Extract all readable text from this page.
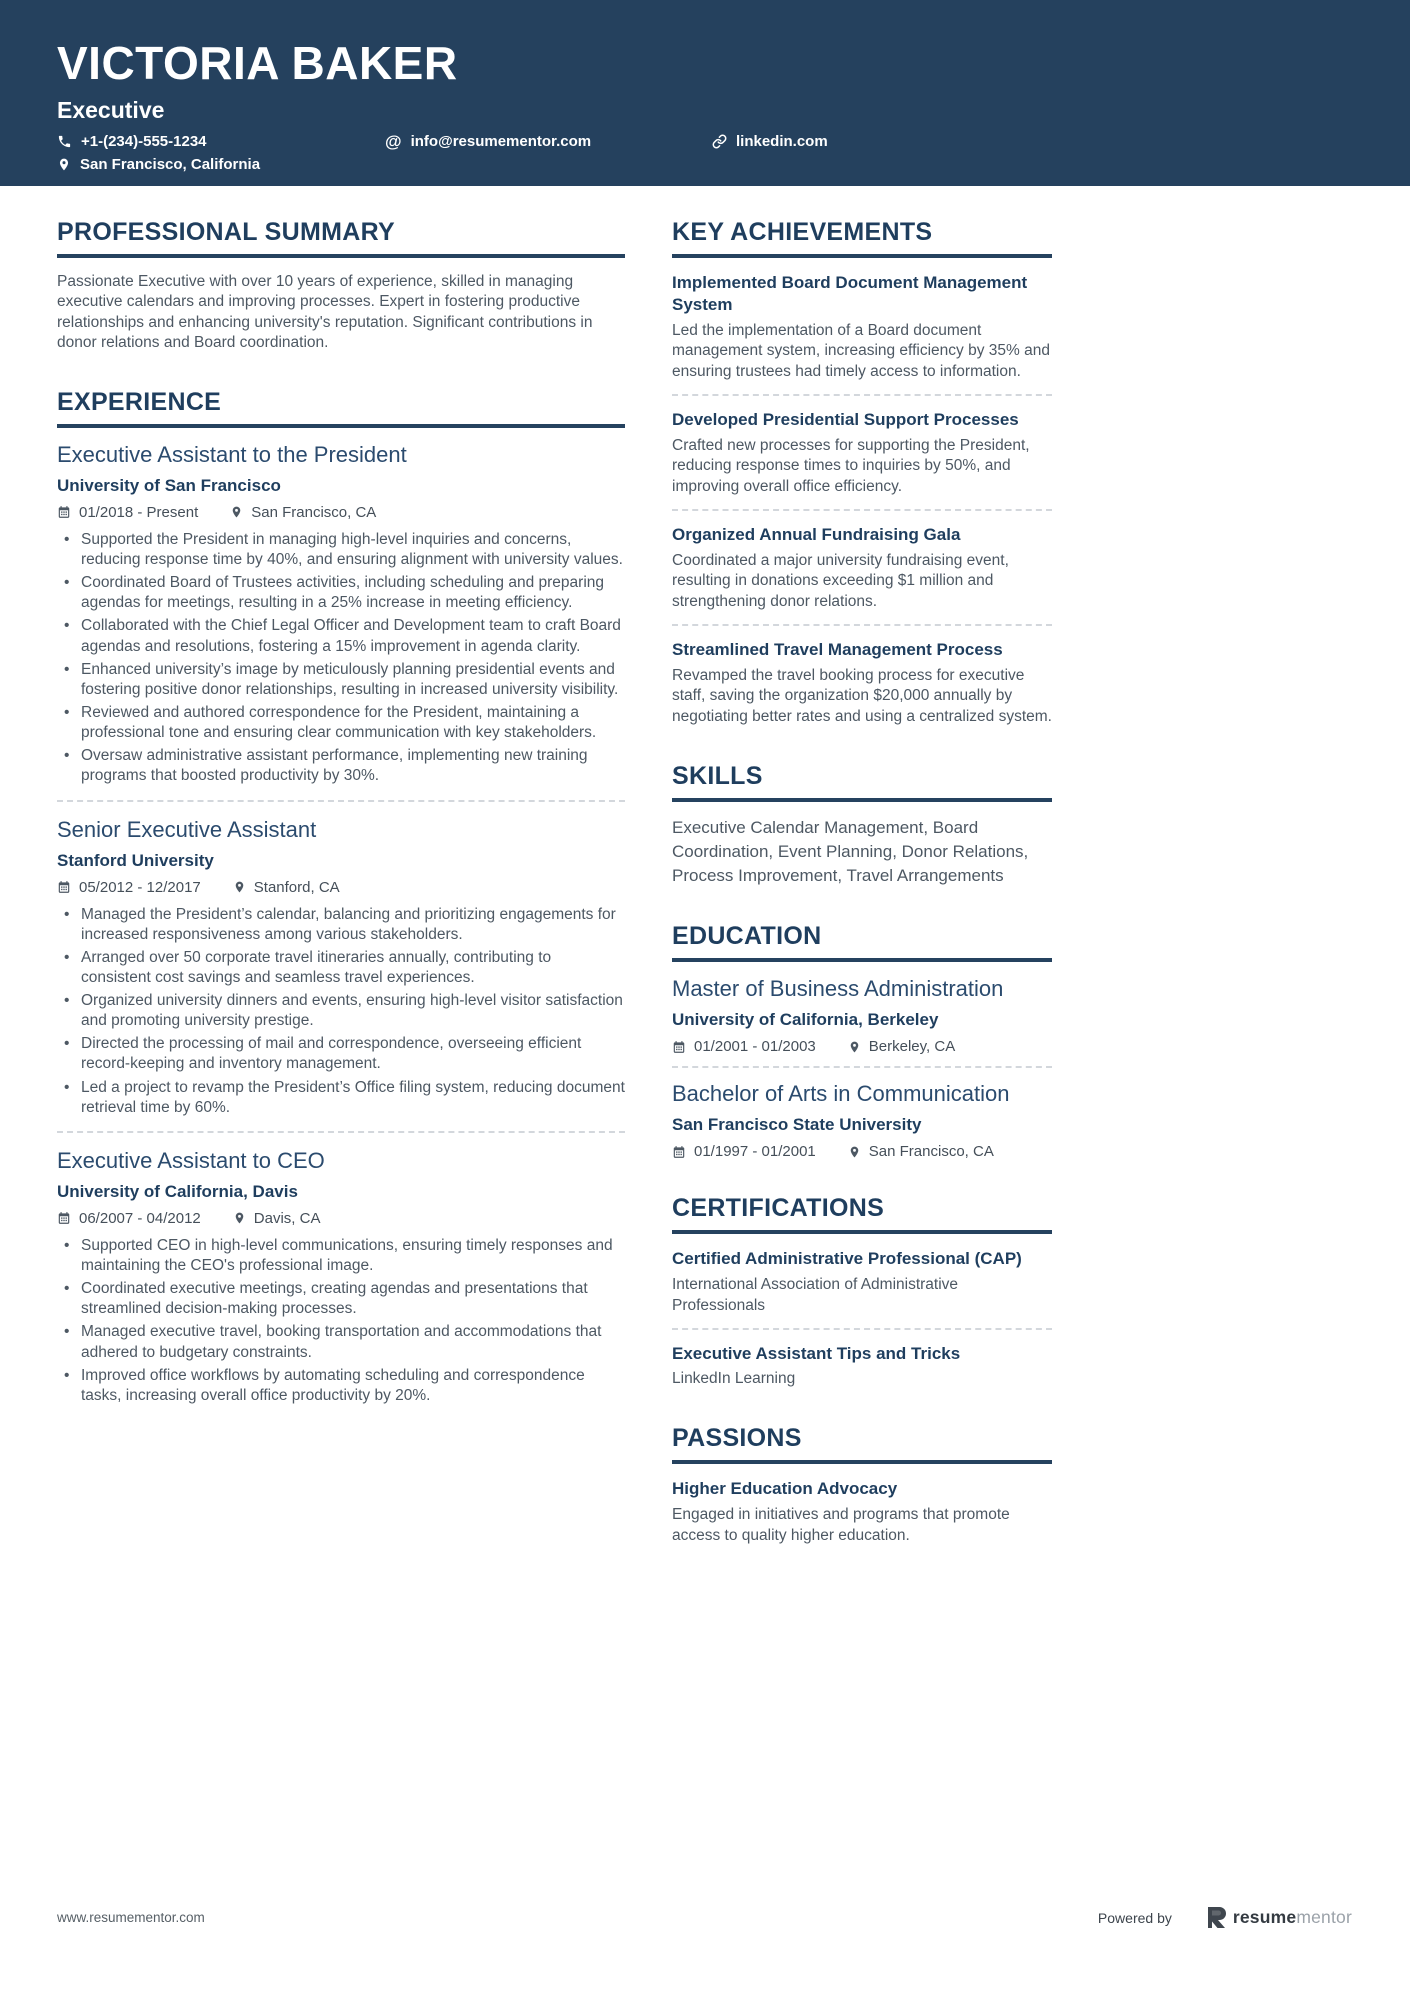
VICTORIA BAKER
Executive
+1-(234)-555-1234	@ info@resumementor.com	linkedin.com
San Francisco, California
PROFESSIONAL SUMMARY
Passionate Executive with over 10 years of experience, skilled in managing executive calendars and improving processes. Expert in fostering productive relationships and enhancing university's reputation. Significant contributions in donor relations and Board coordination.
EXPERIENCE
Executive Assistant to the President
University of San Francisco
01/2018 - Present	San Francisco, CA
• Supported the President in managing high-level inquiries and concerns, reducing response time by 40%, and ensuring alignment with university values.
• Coordinated Board of Trustees activities, including scheduling and preparing agendas for meetings, resulting in a 25% increase in meeting efficiency.
• Collaborated with the Chief Legal Officer and Development team to craft Board agendas and resolutions, fostering a 15% improvement in agenda clarity.
• Enhanced university’s image by meticulously planning presidential events and fostering positive donor relationships, resulting in increased university visibility.
• Reviewed and authored correspondence for the President, maintaining a professional tone and ensuring clear communication with key stakeholders.
• Oversaw administrative assistant performance, implementing new training programs that boosted productivity by 30%.
Senior Executive Assistant
Stanford University
05/2012 - 12/2017	Stanford, CA
• Managed the President’s calendar, balancing and prioritizing engagements for increased responsiveness among various stakeholders.
• Arranged over 50 corporate travel itineraries annually, contributing to consistent cost savings and seamless travel experiences.
• Organized university dinners and events, ensuring high-level visitor satisfaction and promoting university prestige.
• Directed the processing of mail and correspondence, overseeing efficient record-keeping and inventory management.
• Led a project to revamp the President’s Office filing system, reducing document retrieval time by 60%.
Executive Assistant to CEO
University of California, Davis
06/2007 - 04/2012	Davis, CA
• Supported CEO in high-level communications, ensuring timely responses and maintaining the CEO's professional image.
• Coordinated executive meetings, creating agendas and presentations that streamlined decision-making processes.
• Managed executive travel, booking transportation and accommodations that adhered to budgetary constraints.
• Improved office workflows by automating scheduling and correspondence tasks, increasing overall office productivity by 20%.
KEY ACHIEVEMENTS
Implemented Board Document Management System
Led the implementation of a Board document management system, increasing efficiency by 35% and ensuring trustees had timely access to information.
Developed Presidential Support Processes
Crafted new processes for supporting the President, reducing response times to inquiries by 50%, and improving overall office efficiency.
Organized Annual Fundraising Gala
Coordinated a major university fundraising event, resulting in donations exceeding $1 million and strengthening donor relations.
Streamlined Travel Management Process
Revamped the travel booking process for executive staff, saving the organization $20,000 annually by negotiating better rates and using a centralized system.
SKILLS
Executive Calendar Management, Board Coordination, Event Planning, Donor Relations, Process Improvement, Travel Arrangements
EDUCATION
Master of Business Administration
University of California, Berkeley
01/2001 - 01/2003	Berkeley, CA
Bachelor of Arts in Communication
San Francisco State University
01/1997 - 01/2001	San Francisco, CA
CERTIFICATIONS
Certified Administrative Professional (CAP)
International Association of Administrative Professionals
Executive Assistant Tips and Tricks
LinkedIn Learning
PASSIONS
Higher Education Advocacy
Engaged in initiatives and programs that promote access to quality higher education.
www.resumementor.com	Powered by	resumementor
